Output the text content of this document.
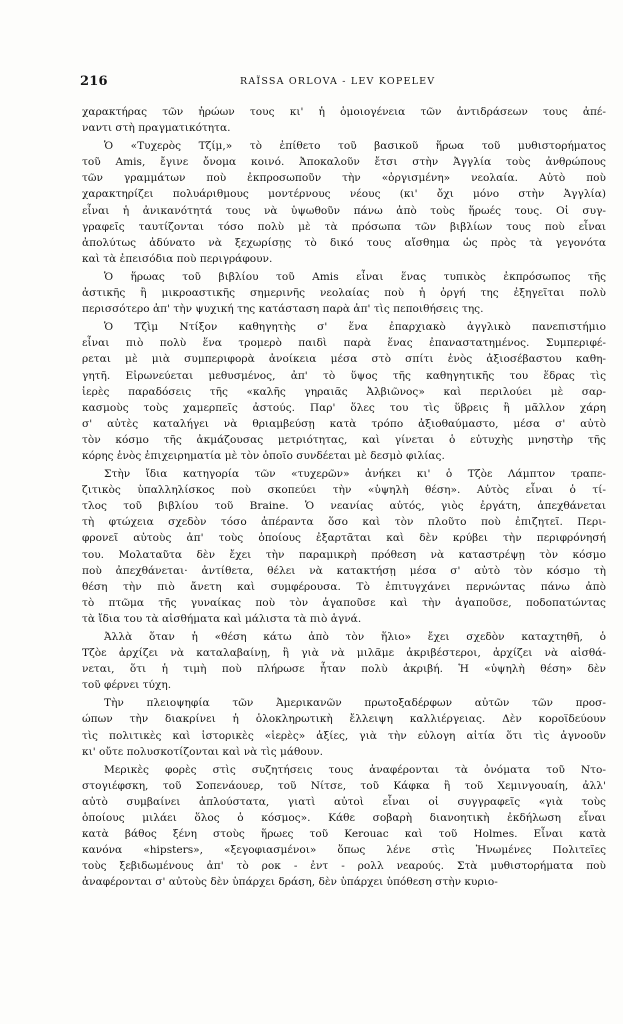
216	RAÏSSA ORLOVA - LEV KOPELEV

χαρακτήρας τῶν ἡρώων τους κι' ἡ ὁμοιογένεια τῶν ἀντιδράσεων τους ἀπέ-
ναντι στὴ πραγματικότητα.

Ὁ «Τυχερὸς Τζίμ,» τὸ ἐπίθετο τοῦ βασικοῦ ἥρωα τοῦ μυθιστορήματος
τοῦ Amis, ἔγινε ὄνομα κοινό. Ἀποκαλοῦν ἔτσι στὴν Ἀγγλία τοὺς ἀνθρώπους
τῶν γραμμάτων ποὺ ἐκπροσωποῦν τὴν «ὀργισμένη» νεολαία. Αὐτὸ ποὺ
χαρακτηρίζει πολυάριθμους μοντέρνους νέους (κι' ὄχι μόνο στὴν Ἀγγλία)
εἶναι ἡ ἀνικανότητά τους νὰ ὑψωθοῦν πάνω ἀπὸ τοὺς ἥρωές τους. Οἱ συγ-
γραφεῖς ταυτίζονται τόσο πολὺ μὲ τὰ πρόσωπα τῶν βιβλίων τους ποὺ εἶναι
ἀπολύτως ἀδύνατο νὰ ξεχωρίσῃς τὸ δικό τους αἴσθημα ὡς πρὸς τὰ γεγονότα
καὶ τὰ ἐπεισόδια ποὺ περιγράφουν.

Ὁ ἥρωας τοῦ βιβλίου τοῦ Amis εἶναι ἕνας τυπικὸς ἐκπρόσωπος τῆς
ἀστικῆς ἢ μικροαστικῆς σημερινῆς νεολαίας ποὺ ἡ ὀργή της ἐξηγεῖται πολὺ
περισσότερο ἀπ' τὴν ψυχική της κατάσταση παρὰ ἀπ' τὶς πεποιθήσεις της.

Ὁ Τζὶμ Ντίξον καθηγητὴς σ' ἕνα ἐπαρχιακὸ ἀγγλικὸ πανεπιστήμιο
εἶναι πιὸ πολὺ ἕνα τρομερὸ παιδὶ παρὰ ἕνας ἐπαναστατημένος. Συμπεριφέ-
ρεται μὲ μιὰ συμπεριφορὰ ἀνοίκεια μέσα στὸ σπίτι ἑνὸς ἀξιοσέβαστου καθη-
γητῆ. Εἰρωνεύεται μεθυσμένος, ἀπ' τὸ ὕψος τῆς καθηγητικῆς του ἕδρας τὶς
ἱερὲς παραδόσεις τῆς «καλῆς γηραιᾶς Ἀλβιῶνος» καὶ περιλούει μὲ σαρ-
κασμοὺς τοὺς χαμερπεῖς ἀστούς. Παρ' ὅλες του τὶς ὕβρεις ἢ μᾶλλον χάρη
σ' αὐτὲς καταλήγει νὰ θριαμβεύσῃ κατὰ τρόπο ἀξιοθαύμαστο, μέσα σ' αὐτὸ
τὸν κόσμο τῆς ἀκμάζουσας μετριότητας, καὶ γίνεται ὁ εὐτυχὴς μνηστὴρ τῆς
κόρης ἑνὸς ἐπιχειρηματία μὲ τὸν ὁποῖο συνδέεται μὲ δεσμὸ φιλίας.

Στὴν ἴδια κατηγορία τῶν «τυχερῶν» ἀνήκει κι' ὁ Τζὸε Λάμπτον τραπε-
ζιτικὸς ὑπαλληλίσκος ποὺ σκοπεύει τὴν «ὑψηλὴ θέση». Αὐτὸς εἶναι ὁ τί-
τλος τοῦ βιβλίου τοῦ Braine. Ὁ νεανίας αὐτός, γιὸς ἐργάτη, ἀπεχθάνεται
τὴ φτώχεια σχεδὸν τόσο ἀπέραντα ὅσο καὶ τὸν πλοῦτο ποὺ ἐπιζητεῖ. Περι-
φρονεῖ αὐτοὺς ἀπ' τοὺς ὁποίους ἐξαρτᾶται καὶ δὲν κρύβει τὴν περιφρόνησή
του. Μολαταῦτα δὲν ἔχει τὴν παραμικρὴ πρόθεση νὰ καταστρέψῃ τὸν κόσμο
ποὺ ἀπεχθάνεται· ἀντίθετα, θέλει νὰ κατακτήσῃ μέσα σ' αὐτὸ τὸν κόσμο τὴ
θέση τὴν πιὸ ἄνετη καὶ συμφέρουσα. Τὸ ἐπιτυγχάνει περνώντας πάνω ἀπὸ
τὸ πτῶμα τῆς γυναίκας ποὺ τὸν ἀγαποῦσε καὶ τὴν ἀγαποῦσε, ποδοπατώντας
τὰ ἴδια του τὰ αἰσθήματα καὶ μάλιστα τὰ πιὸ ἁγνά.

Ἀλλὰ ὅταν ἡ «θέση κάτω ἀπὸ τὸν ἥλιο» ἔχει σχεδὸν καταχτηθῆ, ὁ
Τζὸε ἀρχίζει νὰ καταλαβαίνῃ, ἢ γιὰ νὰ μιλᾶμε ἀκριβέστεροι, ἀρχίζει νὰ αἰσθά-
νεται, ὅτι ἡ τιμὴ ποὺ πλήρωσε ἦταν πολὺ ἀκριβή. Ἡ «ὑψηλὴ θέση» δὲν
τοῦ φέρνει τύχη.

Τὴν πλειοψηφία τῶν Ἀμερικανῶν πρωτοξαδέρφων αὐτῶν τῶν προσ-
ώπων τὴν διακρίνει ἡ ὁλοκληρωτικὴ ἔλλειψη καλλιέργειας. Δὲν κοροϊδεύουν
τὶς πολιτικὲς καὶ ἱστορικὲς «ἱερὲς» ἀξίες, γιὰ τὴν εὐλογη αἰτία ὅτι τὶς ἀγνοοῦν
κι' οὔτε πολυσκοτίζονται καὶ νὰ τὶς μάθουν.

Μερικὲς φορὲς στὶς συζητήσεις τους ἀναφέρονται τὰ ὀνόματα τοῦ Ντο-
στογιέφσκη, τοῦ Σοπενάουερ, τοῦ Νίτσε, τοῦ Κάφκα ἢ τοῦ Χεμινγουαίη, ἀλλ'
αὐτὸ συμβαίνει ἁπλούστατα, γιατὶ αὐτοὶ εἶναι οἱ συγγραφεῖς «γιὰ τοὺς
ὁποίους μιλάει ὅλος ὁ κόσμος». Κάθε σοβαρὴ διανοητικὴ ἐκδήλωση εἶναι
κατὰ βάθος ξένη στοὺς ἥρωες τοῦ Kerouac καὶ τοῦ Holmes. Εἶναι κατὰ
κανόνα «hipsters», «ξεγοφιασμένοι» ὅπως λένε στὶς Ἡνωμένες Πολιτεῖες
τοὺς ξεβιδωμένους ἀπ' τὸ ροκ - ἐντ - ρολλ νεαρούς. Στὰ μυθιστορήματα ποὺ
ἀναφέρονται σ' αὐτοὺς δὲν ὑπάρχει δράση, δὲν ὑπάρχει ὑπόθεση στὴν κυριο-
